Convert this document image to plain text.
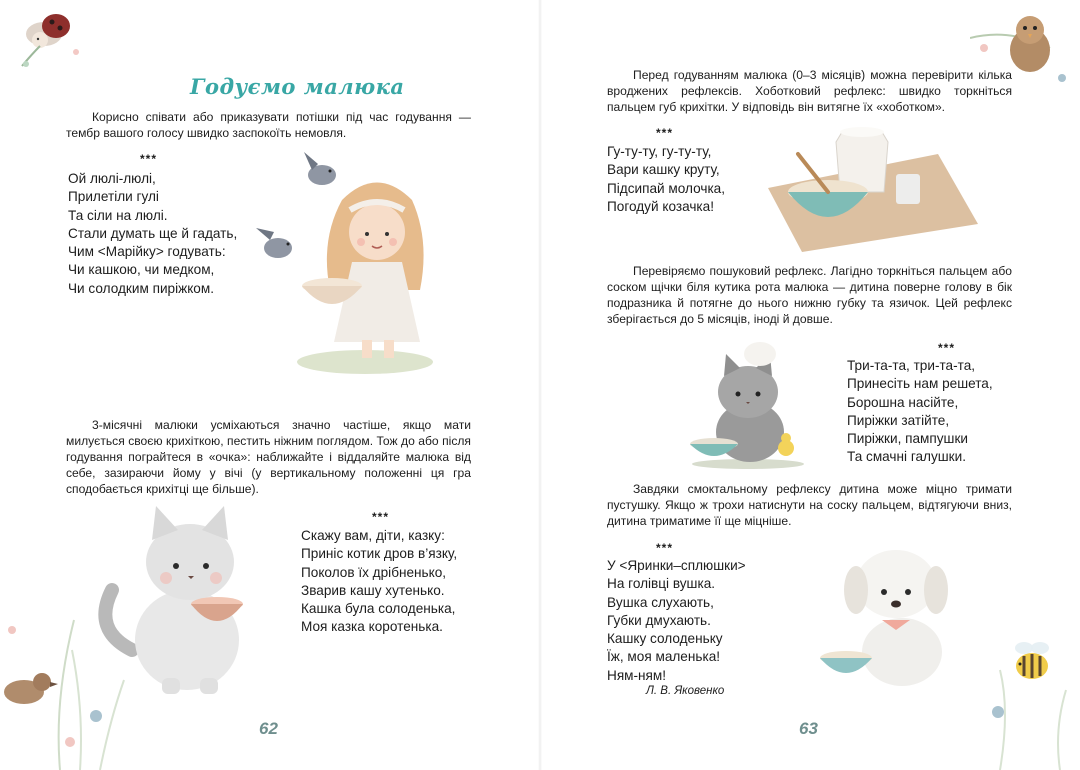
Годуємо малюка

Корисно співати або приказувати потішки під час годування — тембр вашого голосу швидко заспокоїть немовля.

***
Ой люлі-люлі,
Прилетіли гулі
Та сіли на люлі.
Стали думать ще й гадать,
Чим <Марійку> годувать:
Чи кашкою, чи медком,
Чи солодким пиріжком.

3-місячні малюки усміхаються значно частіше, якщо мати милується своєю крихіткою, пестить ніжним поглядом. Тож до або після годування пограйтеся в «очка»: наближайте і віддаляйте малюка від себе, зазираючи йому у вічі (у вертикальному положенні ця гра сподобається крихітці ще більше).

***
Скажу вам, діти, казку:
Приніс котик дров в’язку,
Поколов їх дрібненько,
Зварив кашу хутенько.
Кашка була солоденька,
Моя казка коротенька.
62

Перед годуванням малюка (0–3 місяців) можна перевірити кілька вроджених рефлексів. Хоботковий рефлекс: швидко торкніться пальцем губ крихітки. У відповідь він витягне їх «хоботком».

***
Гу-ту-ту, гу-ту-ту,
Вари кашку круту,
Підсипай молочка,
Погодуй козачка!

Перевіряємо пошуковий рефлекс. Лагідно торкніться пальцем або соском щічки біля кутика рота малюка — дитина поверне голову в бік подразника й потягне до нього нижню губку та язичок. Цей рефлекс зберігається до 5 місяців, іноді й довше.

***
Три-та-та, три-та-та,
Принесіть нам решета,
Борошна насійте,
Пиріжки затійте,
Пиріжки, пампушки
Та смачні галушки.

Завдяки смоктальному рефлексу дитина може міцно тримати пустушку. Якщо ж трохи натиснути на соску пальцем, відтягуючи вниз, дитина триматиме її ще міцніше.

***
У <Яринки–сплюшки>
На голівці вушка.
Вушка слухають,
Губки дмухають.
Кашку солоденьку
Їж, моя маленька!
Ням-ням!
Л. В. Яковенко
63
